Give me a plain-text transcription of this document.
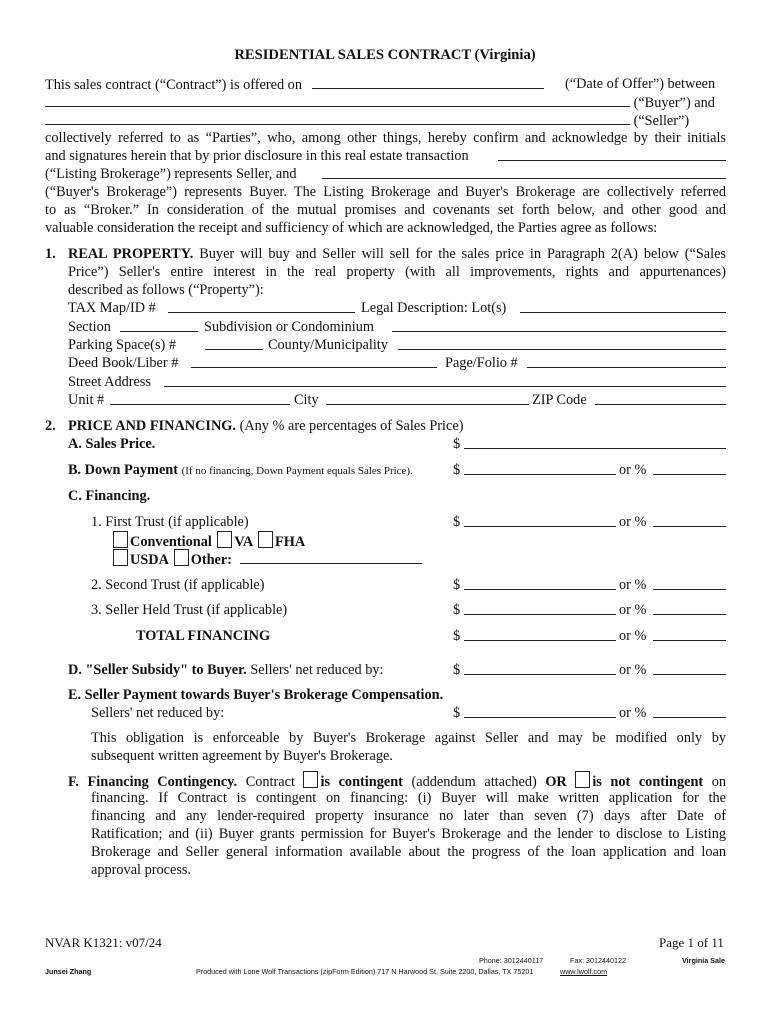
RESIDENTIAL SALES CONTRACT (Virginia)
This sales contract (“Contract”) is offered on	(“Date of Offer”) between
(“Buyer”) and
(“Seller”)
collectively referred to as “Parties”, who, among other things, hereby confirm and acknowledge by their initials
and signatures herein that by prior disclosure in this real estate transaction
(“Listing Brokerage”) represents Seller, and
(“Buyer's Brokerage”) represents Buyer. The Listing Brokerage and Buyer's Brokerage are collectively referred
to as “Broker.” In consideration of the mutual promises and covenants set forth below, and other good and
valuable consideration the receipt and sufficiency of which are acknowledged, the Parties agree as follows:
1. REAL PROPERTY. Buyer will buy and Seller will sell for the sales price in Paragraph 2(A) below (“Sales
Price”) Seller's entire interest in the real property (with all improvements, rights and appurtenances)
described as follows (“Property”):
TAX Map/ID #	Legal Description: Lot(s)
Section	Subdivision or Condominium
Parking Space(s) #	County/Municipality
Deed Book/Liber #	Page/Folio #
Street Address
Unit #	City	ZIP Code
2. PRICE AND FINANCING. (Any % are percentages of Sales Price)
A. Sales Price.	$
B. Down Payment (If no financing, Down Payment equals Sales Price).	$	or %
C. Financing.
1. First Trust (if applicable)	$	or %
Conventional VA FHA
USDA Other:
2. Second Trust (if applicable)	$	or %
3. Seller Held Trust (if applicable)	$	or %
TOTAL FINANCING	$	or %
D. "Seller Subsidy" to Buyer. Sellers' net reduced by:	$	or %
E. Seller Payment towards Buyer's Brokerage Compensation.
Sellers' net reduced by:	$	or %
This obligation is enforceable by Buyer's Brokerage against Seller and may be modified only by
subsequent written agreement by Buyer's Brokerage.
F. Financing Contingency. Contract is contingent (addendum attached) OR is not contingent on
financing. If Contract is contingent on financing: (i) Buyer will make written application for the
financing and any lender-required property insurance no later than seven (7) days after Date of
Ratification; and (ii) Buyer grants permission for Buyer's Brokerage and the lender to disclose to Listing
Brokerage and Seller general information available about the progress of the loan application and loan
approval process.
NVAR K1321: v07/24	Page 1 of 11
Phone: 3012440117	Fax: 3012440122	Virginia Sale
Junsei Zhang	Produced with Lone Wolf Transactions (zipForm Edition) 717 N Harwood St, Suite 2200, Dallas, TX 75201	www.lwolf.com
